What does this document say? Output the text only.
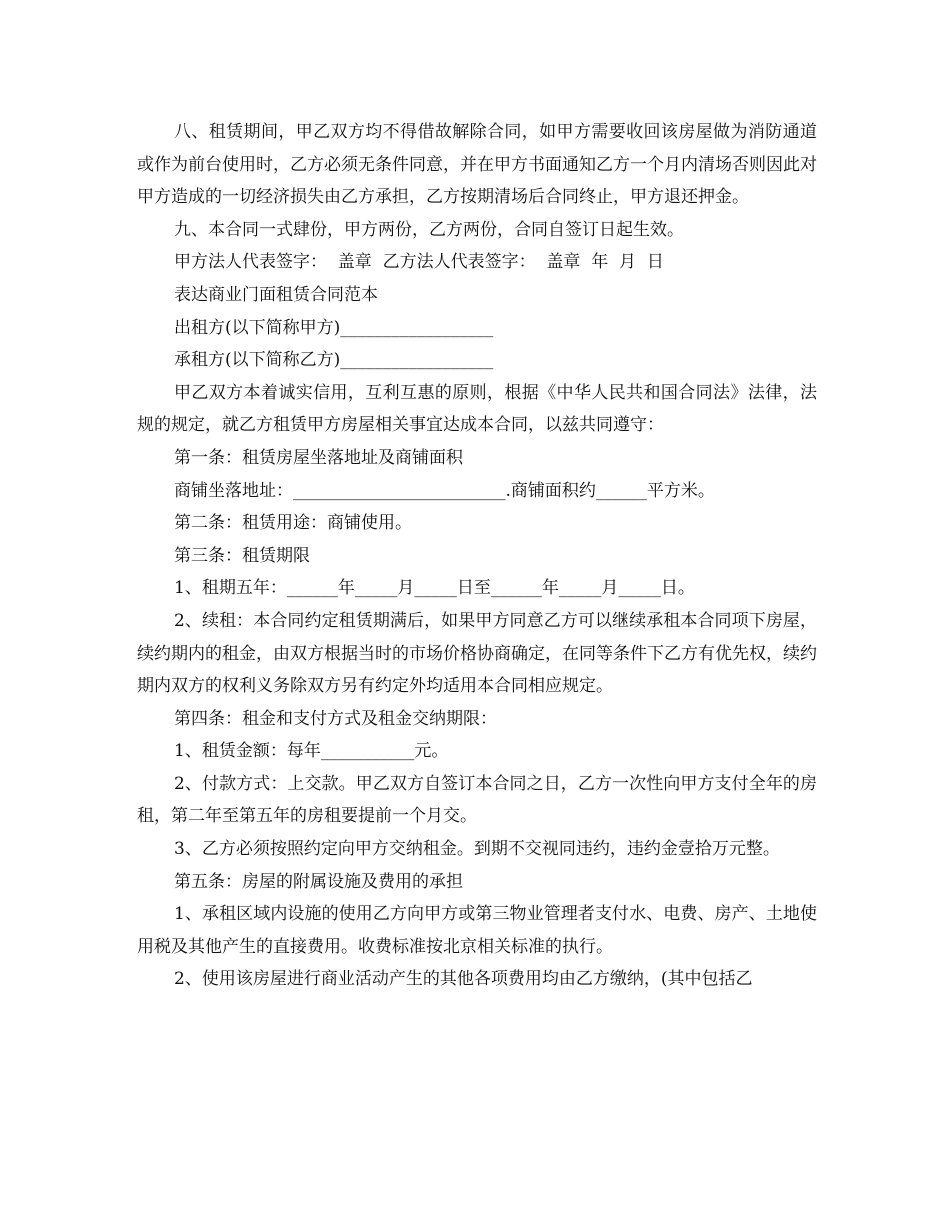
八、租赁期间，甲乙双方均不得借故解除合同，如甲方需要收回该房屋做为消防通道或作为前台使用时，乙方必须无条件同意，并在甲方书面通知乙方一个月内清场否则因此对甲方造成的一切经济损失由乙方承担，乙方按期清场后合同终止，甲方退还押金。

九、本合同一式肆份，甲方两份，乙方两份，合同自签订日起生效。

甲方法人代表签字：  盖章  乙方法人代表签字：  盖章  年  月  日

表达商业门面租赁合同范本

出租方(以下简称甲方)__________________

承租方(以下简称乙方)__________________

甲乙双方本着诚实信用，互利互惠的原则，根据《中华人民共和国合同法》法律，法规的规定，就乙方租赁甲方房屋相关事宜达成本合同，以兹共同遵守：

第一条：租赁房屋坐落地址及商铺面积

商铺坐落地址：_________________________.商铺面积约______平方米。

第二条：租赁用途：商铺使用。

第三条：租赁期限

1、租期五年：______年_____月_____日至______年_____月_____日。

2、续租：本合同约定租赁期满后，如果甲方同意乙方可以继续承租本合同项下房屋，续约期内的租金，由双方根据当时的市场价格协商确定，在同等条件下乙方有优先权，续约期内双方的权利义务除双方另有约定外均适用本合同相应规定。

第四条：租金和支付方式及租金交纳期限：

1、租赁金额：每年___________元。

2、付款方式：上交款。甲乙双方自签订本合同之日，乙方一次性向甲方支付全年的房租，第二年至第五年的房租要提前一个月交。

3、乙方必须按照约定向甲方交纳租金。到期不交视同违约，违约金壹拾万元整。

第五条：房屋的附属设施及费用的承担

1、承租区域内设施的使用乙方向甲方或第三物业管理者支付水、电费、房产、土地使用税及其他产生的直接费用。收费标准按北京相关标准的执行。

2、使用该房屋进行商业活动产生的其他各项费用均由乙方缴纳，(其中包括乙
